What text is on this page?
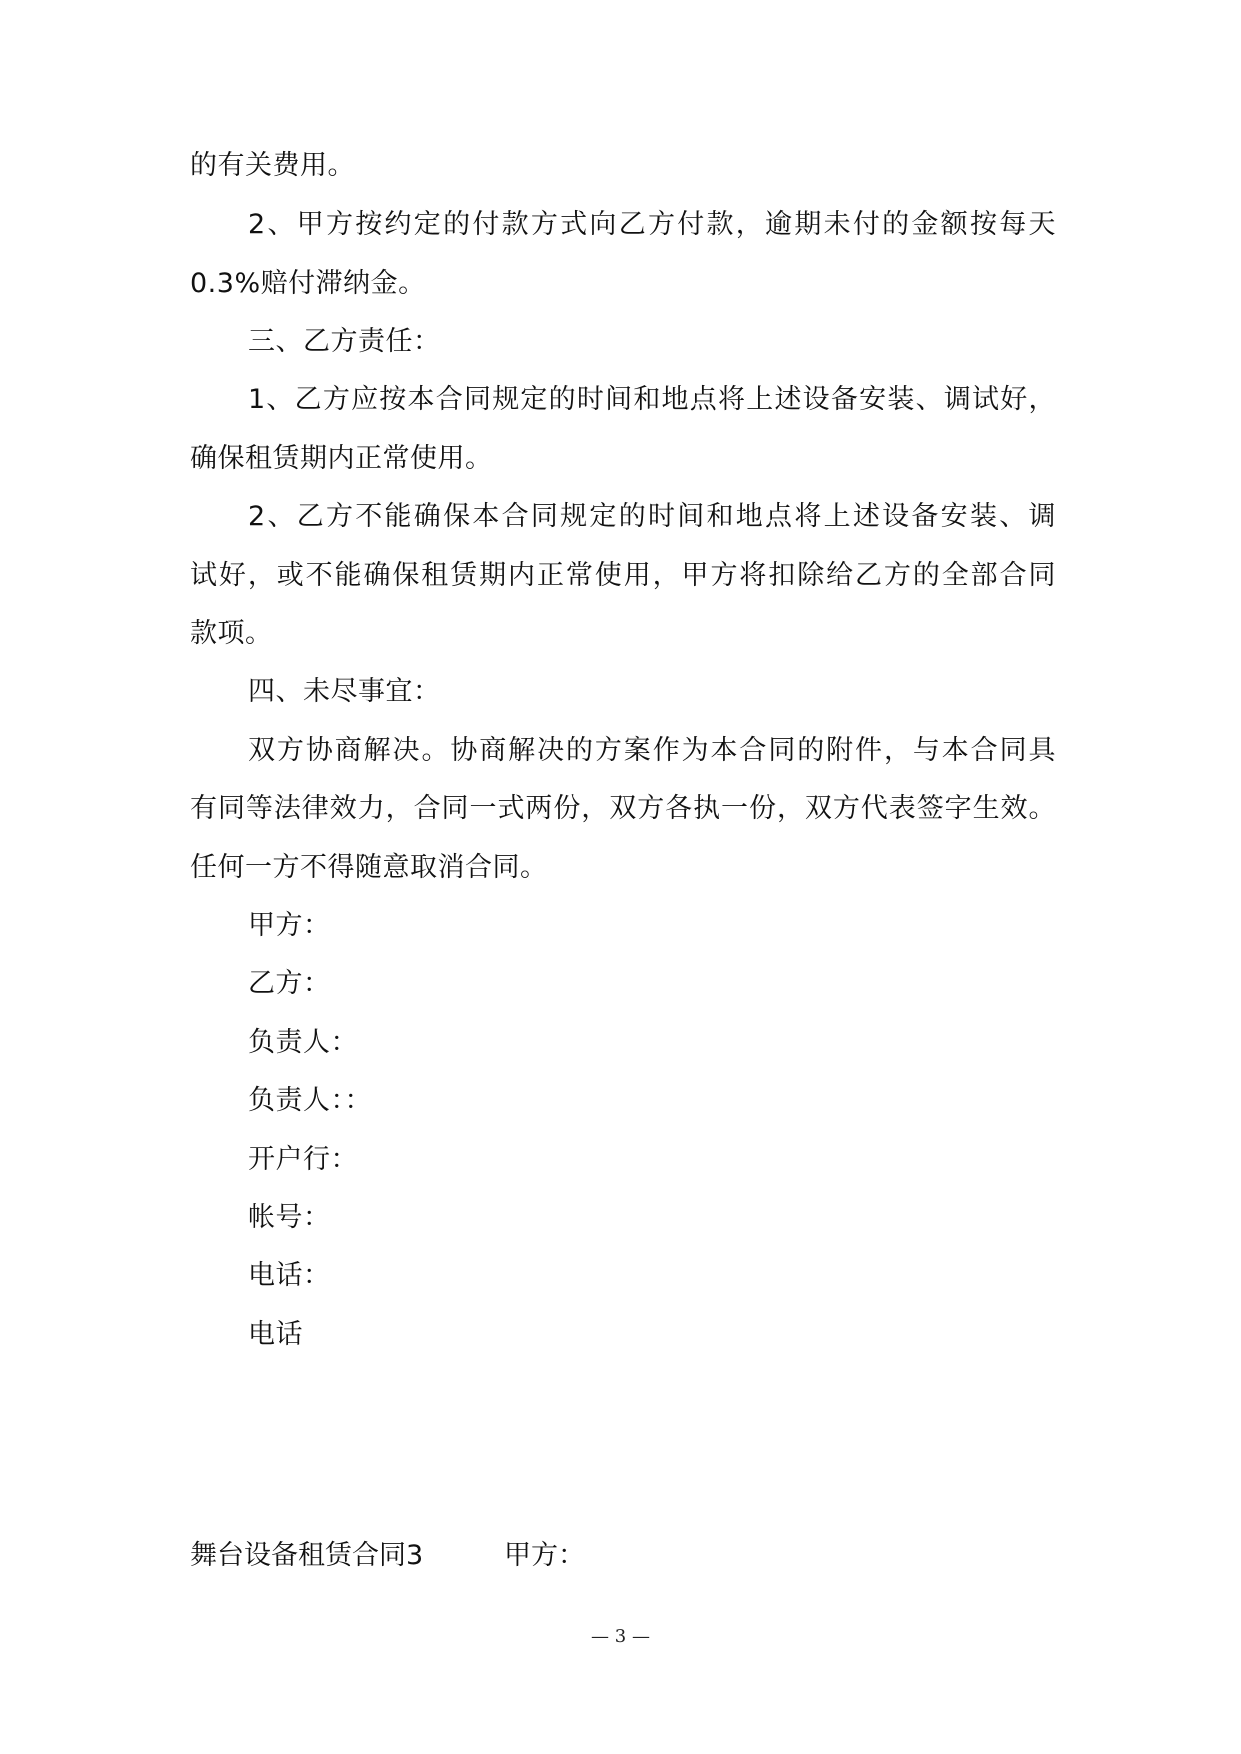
的有关费用。
2、甲方按约定的付款方式向乙方付款，逾期未付的金额按每天
0.3%赔付滞纳金。
三、乙方责任：
1、乙方应按本合同规定的时间和地点将上述设备安装、调试好，
确保租赁期内正常使用。
2、乙方不能确保本合同规定的时间和地点将上述设备安装、调
试好，或不能确保租赁期内正常使用，甲方将扣除给乙方的全部合同
款项。
四、未尽事宜：
双方协商解决。协商解决的方案作为本合同的附件，与本合同具
有同等法律效力，合同一式两份，双方各执一份，双方代表签字生效。
任何一方不得随意取消合同。
甲方：
乙方：
负责人：
负责人：：
开户行：
帐号：
电话：
电话
舞台设备租赁合同3	甲方：
— 3 —
